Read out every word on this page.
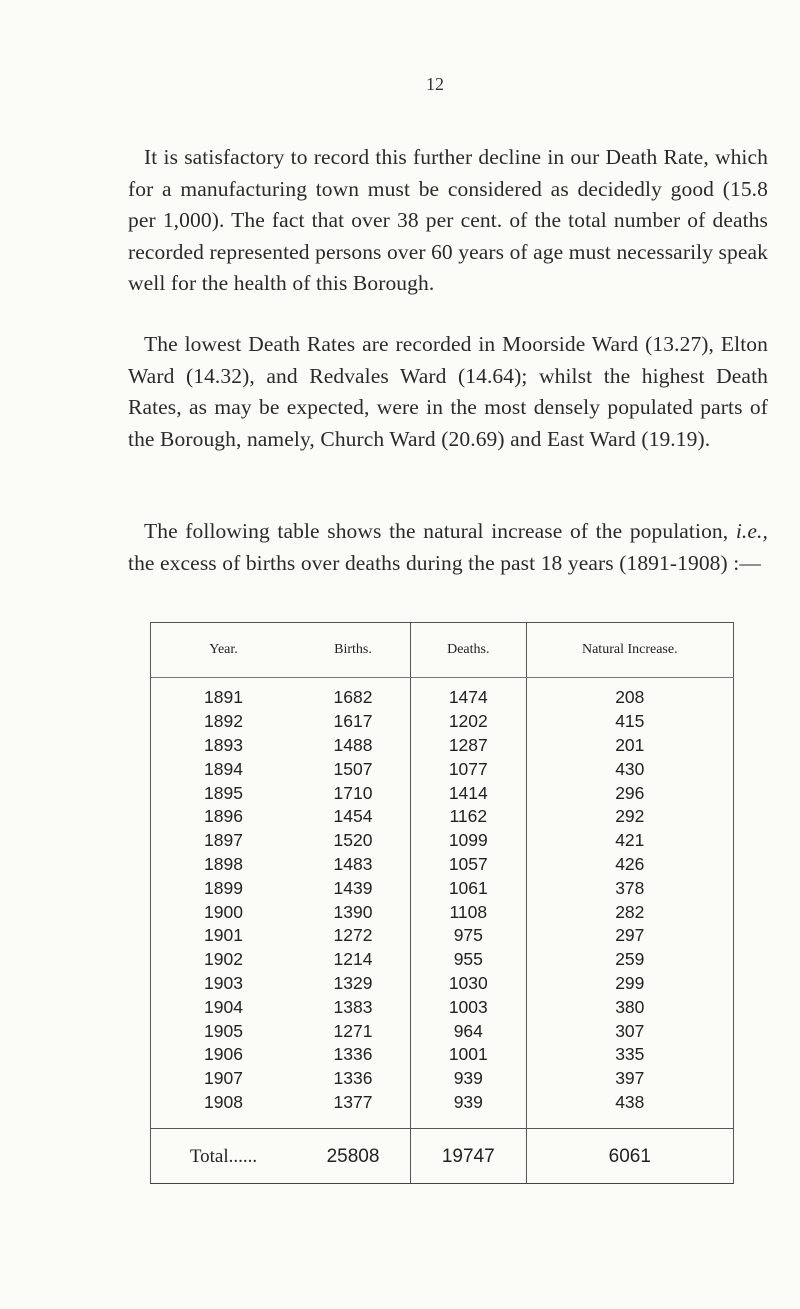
12

It is satisfactory to record this further decline in our Death Rate, which for a manufacturing town must be considered as decidedly good (15.8 per 1,000). The fact that over 38 per cent. of the total number of deaths recorded represented persons over 60 years of age must necessarily speak well for the health of this Borough.

The lowest Death Rates are recorded in Moorside Ward (13.27), Elton Ward (14.32), and Redvales Ward (14.64); whilst the highest Death Rates, as may be expected, were in the most densely populated parts of the Borough, namely, Church Ward (20.69) and East Ward (19.19).

The following table shows the natural increase of the population, i.e., the excess of births over deaths during the past 18 years (1891-1908) :—

Year.	Births.	Deaths.	Natural Increase.
1891	1682	1474	208
1892	1617	1202	415
1893	1488	1287	201
1894	1507	1077	430
1895	1710	1414	296
1896	1454	1162	292
1897	1520	1099	421
1898	1483	1057	426
1899	1439	1061	378
1900	1390	1108	282
1901	1272	975	297
1902	1214	955	259
1903	1329	1030	299
1904	1383	1003	380
1905	1271	964	307
1906	1336	1001	335
1907	1336	939	397
1908	1377	939	438
Total......	25808	19747	6061
